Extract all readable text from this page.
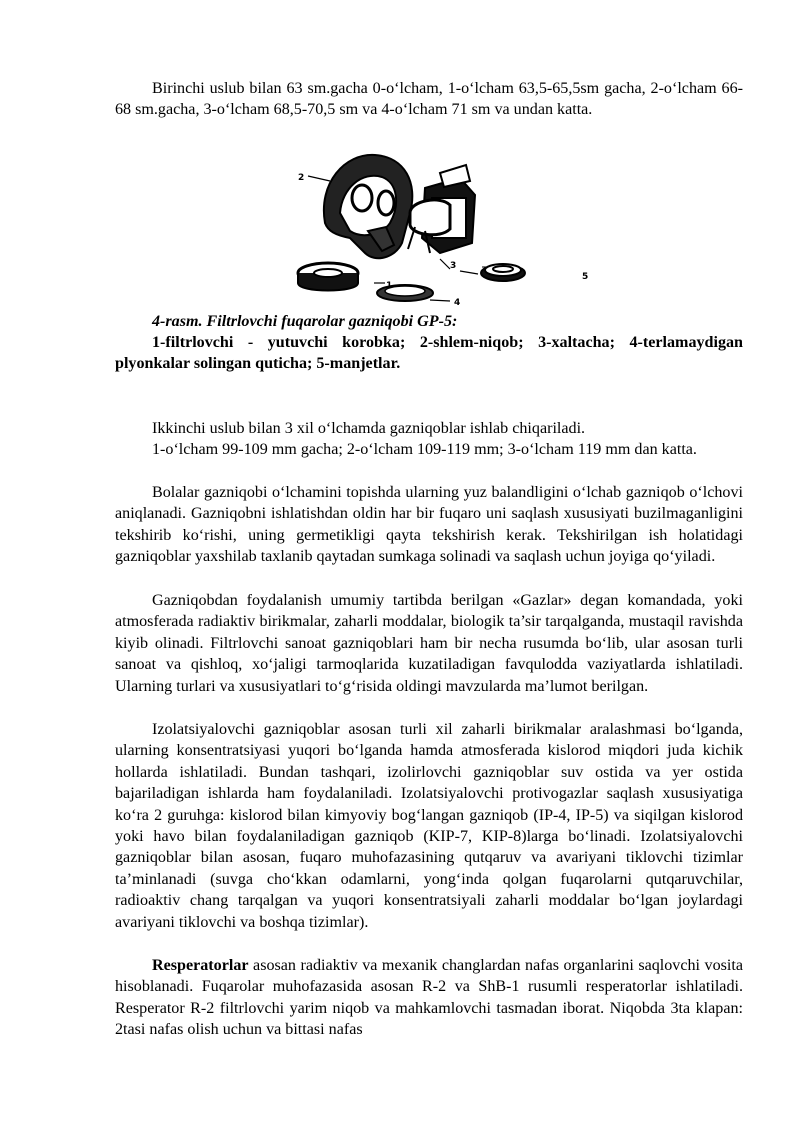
Birinchi uslub bilan 63 sm.gacha 0-o‘lcham, 1-o‘lcham 63,5-65,5sm gacha, 2-o‘lcham 66-68 sm.gacha, 3-o‘lcham 68,5-70,5 sm va 4-o‘lcham 71 sm va undan katta.

2
3
1
4
5

4-rasm. Filtrlovchi fuqarolar gazniqobi GP-5:

1-filtrlovchi - yutuvchi korobka; 2-shlem-niqob; 3-xaltacha; 4-terlamaydigan plyonkalar solingan quticha; 5-manjetlar.

Ikkinchi uslub bilan 3 xil o‘lchamda gazniqoblar ishlab chiqariladi.

1-o‘lcham 99-109 mm gacha; 2-o‘lcham 109-119 mm; 3-o‘lcham 119 mm dan katta.

Bolalar gazniqobi o‘lchamini topishda ularning yuz balandligini o‘lchab gazniqob o‘lchovi aniqlanadi. Gazniqobni ishlatishdan oldin har bir fuqaro uni saqlash xususiyati buzilmaganligini tekshirib ko‘rishi, uning germetikligi qayta tekshirish kerak. Tekshirilgan ish holatidagi gazniqoblar yaxshilab taxlanib qaytadan sumkaga solinadi va saqlash uchun joyiga qo‘yiladi.

Gazniqobdan foydalanish umumiy tartibda berilgan «Gazlar» degan komandada, yoki atmosferada radiaktiv birikmalar, zaharli moddalar, biologik ta’sir tarqalganda, mustaqil ravishda kiyib olinadi. Filtrlovchi sanoat gazniqoblari ham bir necha rusumda bo‘lib, ular asosan turli sanoat va qishloq, xo‘jaligi tarmoqlarida kuzatiladigan favqulodda vaziyatlarda ishlatiladi. Ularning turlari va xususiyatlari to‘g‘risida oldingi mavzularda ma’lumot berilgan.

Izolatsiyalovchi gazniqoblar asosan turli xil zaharli birikmalar aralashmasi bo‘lganda, ularning konsentratsiyasi yuqori bo‘lganda hamda atmosferada kislorod miqdori juda kichik hollarda ishlatiladi. Bundan tashqari, izolirlovchi gazniqoblar suv ostida va yer ostida bajariladigan ishlarda ham foydalaniladi. Izolatsiyalovchi protivogazlar saqlash xususiyatiga ko‘ra 2 guruhga: kislorod bilan kimyoviy bog‘langan gazniqob (IP-4, IP-5) va siqilgan kislorod yoki havo bilan foydalaniladigan gazniqob (KIP-7, KIP-8)larga bo‘linadi. Izolatsiyalovchi gazniqoblar bilan asosan, fuqaro muhofazasining qutqaruv va avariyani tiklovchi tizimlar ta’minlanadi (suvga cho‘kkan odamlarni, yong‘inda qolgan fuqarolarni qutqaruvchilar, radioaktiv chang tarqalgan va yuqori konsentratsiyali zaharli moddalar bo‘lgan joylardagi avariyani tiklovchi va boshqa tizimlar).

Resperatorlar asosan radiaktiv va mexanik changlardan nafas organlarini saqlovchi vosita hisoblanadi. Fuqarolar muhofazasida asosan R-2 va ShB-1 rusumli resperatorlar ishlatiladi. Resperator R-2 filtrlovchi yarim niqob va mahkamlovchi tasmadan iborat. Niqobda 3ta klapan: 2tasi nafas olish uchun va bittasi nafas
